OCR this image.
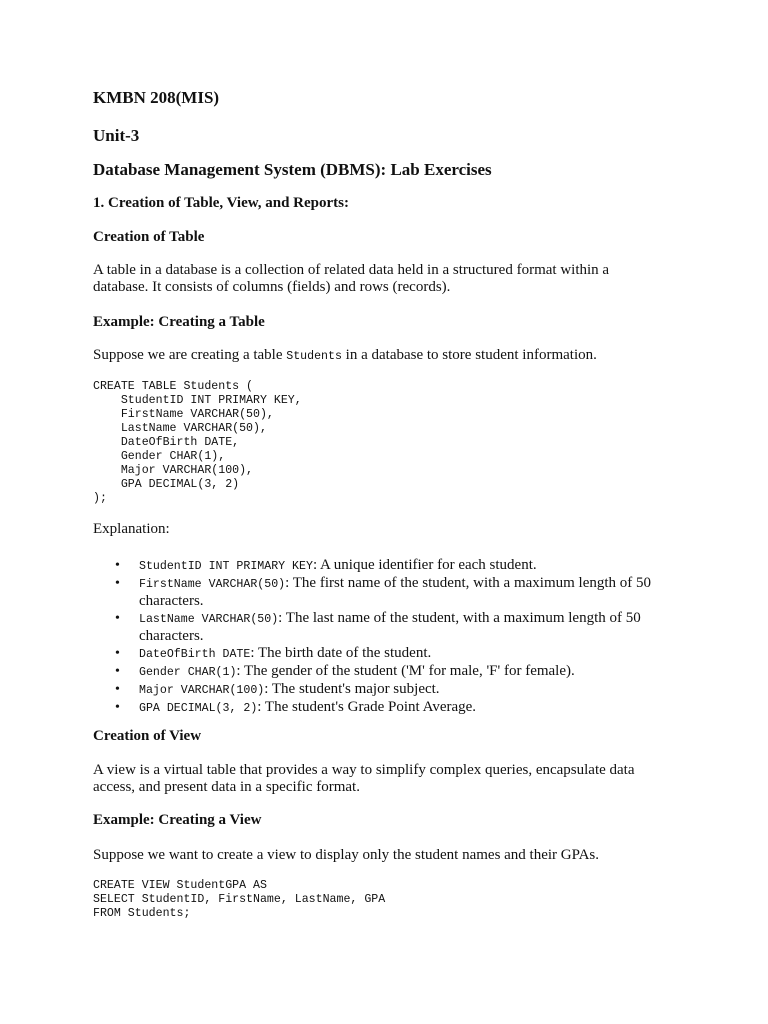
KMBN 208(MIS)
Unit-3
Database Management System (DBMS): Lab Exercises
1. Creation of Table, View, and Reports:
Creation of Table

A table in a database is a collection of related data held in a structured format within a database. It consists of columns (fields) and rows (records).

Example: Creating a Table

Suppose we are creating a table Students in a database to store student information.

CREATE TABLE Students (
StudentID INT PRIMARY KEY,
FirstName VARCHAR(50),
LastName VARCHAR(50),
DateOfBirth DATE,
Gender CHAR(1),
Major VARCHAR(100),
GPA DECIMAL(3, 2)
);

Explanation:

• StudentID INT PRIMARY KEY: A unique identifier for each student.
• FirstName VARCHAR(50): The first name of the student, with a maximum length of 50 characters.
• LastName VARCHAR(50): The last name of the student, with a maximum length of 50 characters.
• DateOfBirth DATE: The birth date of the student.
• Gender CHAR(1): The gender of the student ('M' for male, 'F' for female).
• Major VARCHAR(100): The student's major subject.
• GPA DECIMAL(3, 2): The student's Grade Point Average.
Creation of View

A view is a virtual table that provides a way to simplify complex queries, encapsulate data access, and present data in a specific format.

Example: Creating a View

Suppose we want to create a view to display only the student names and their GPAs.

CREATE VIEW StudentGPA AS
SELECT StudentID, FirstName, LastName, GPA
FROM Students;
